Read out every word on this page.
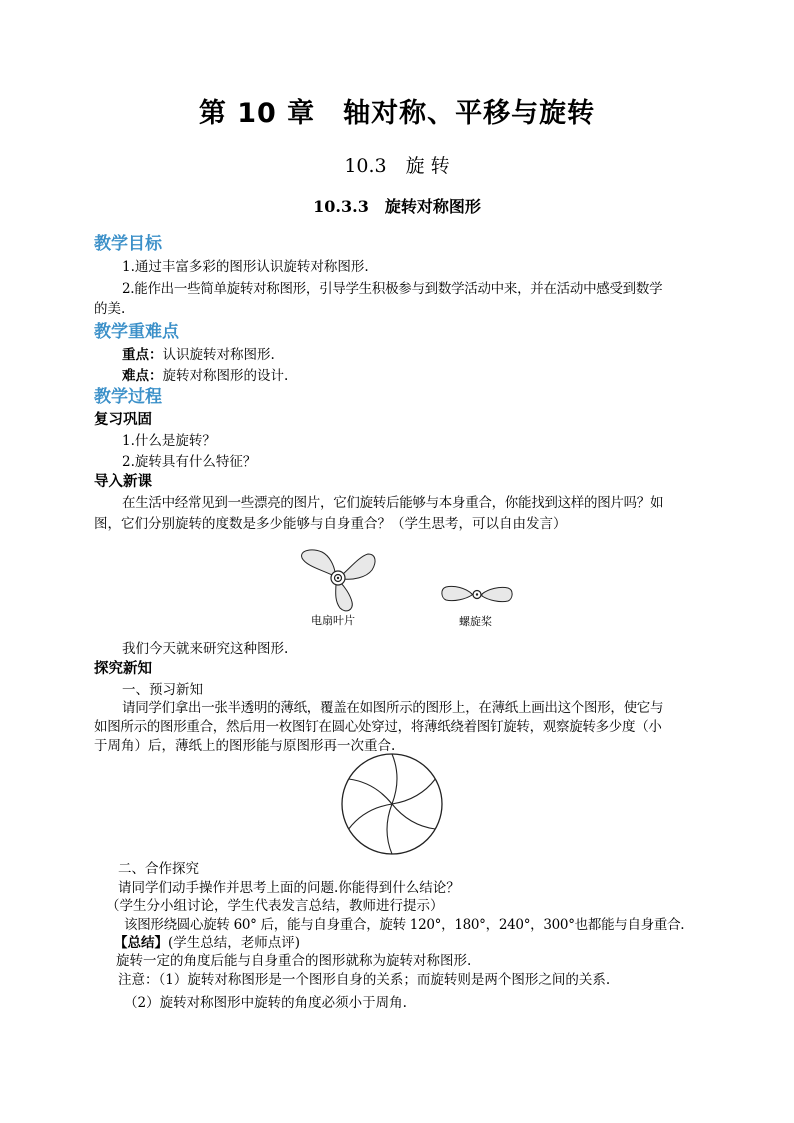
第 10 章　轴对称、平移与旋转
10.3　旋 转
10.3.3　旋转对称图形
教学目标
1.通过丰富多彩的图形认识旋转对称图形.
2.能作出一些简单旋转对称图形，引导学生积极参与到数学活动中来，并在活动中感受到数学
的美.
教学重难点
重点：认识旋转对称图形.
难点：旋转对称图形的设计.
教学过程
复习巩固
1.什么是旋转？
2.旋转具有什么特征？
导入新课
在生活中经常见到一些漂亮的图片，它们旋转后能够与本身重合，你能找到这样的图片吗？如
图，它们分别旋转的度数是多少能够与自身重合？（学生思考，可以自由发言）
电扇叶片	螺旋桨
我们今天就来研究这种图形.
探究新知
一、预习新知
请同学们拿出一张半透明的薄纸，覆盖在如图所示的图形上，在薄纸上画出这个图形，使它与
如图所示的图形重合，然后用一枚图钉在圆心处穿过，将薄纸绕着图钉旋转，观察旋转多少度（小
于周角）后，薄纸上的图形能与原图形再一次重合.
二、合作探究
请同学们动手操作并思考上面的问题.你能得到什么结论？
（学生分小组讨论，学生代表发言总结，教师进行提示）
该图形绕圆心旋转 60° 后，能与自身重合，旋转 120°，180°，240°，300°也都能与自身重合.
【总结】(学生总结，老师点评)
旋转一定的角度后能与自身重合的图形就称为旋转对称图形.
注意：（1）旋转对称图形是一个图形自身的关系；而旋转则是两个图形之间的关系.
（2）旋转对称图形中旋转的角度必须小于周角.
